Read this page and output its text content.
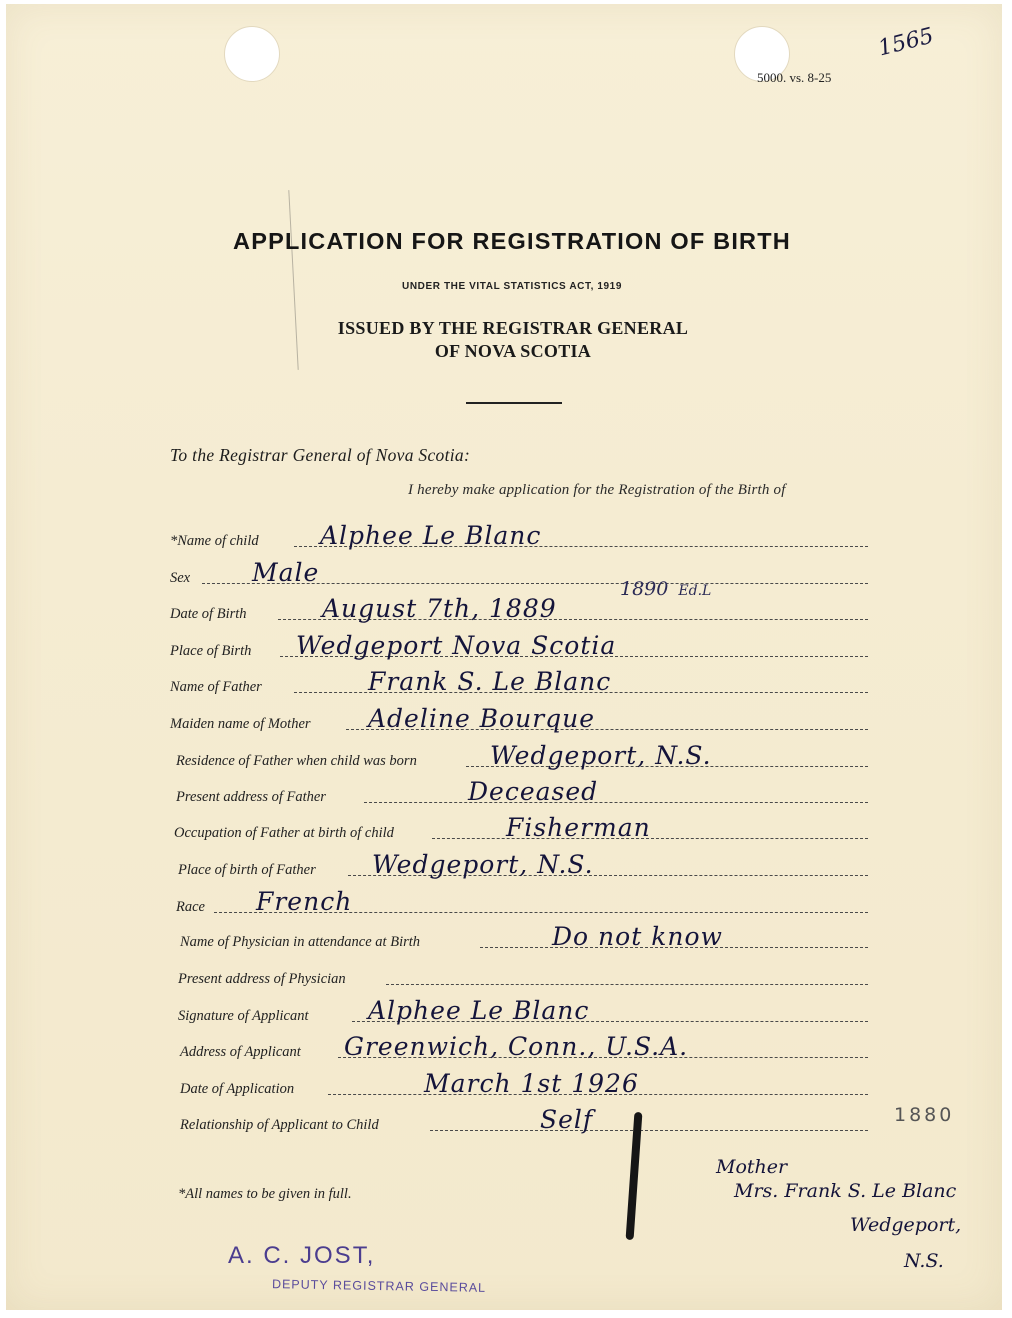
5000. vs. 8-25
1565
APPLICATION FOR REGISTRATION OF BIRTH
UNDER THE VITAL STATISTICS ACT, 1919
ISSUED BY THE REGISTRAR GENERAL
OF NOVA SCOTIA
To the Registrar General of Nova Scotia:
I hereby make application for the Registration of the Birth of
*Name of child Alphee Le Blanc
Sex Male
Date of Birth	August 7th, 1889
1890 Ed.L
Place of Birth Wedgeport Nova Scotia
Name of Father	Frank S. Le Blanc
Maiden name of Mother Adeline Bourque
Residence of Father when child was born	Wedgeport, N.S.
Present address of Father	Deceased
Occupation of Father at birth of child	Fisherman
Place of birth of Father Wedgeport, N.S.
Race French
Name of Physician in attendance at Birth	Do not know
Present address of Physician
Signature of Applicant Alphee Le Blanc
Address of Applicant Greenwich, Conn., U.S.A.
Date of Application	March 1st 1926
Relationship of Applicant to Child	Self	1880
Mother
Mrs. Frank S. Le Blanc
Wedgeport,
N.S.
*All names to be given in full.
A. C. JOST,
DEPUTY REGISTRAR GENERAL
